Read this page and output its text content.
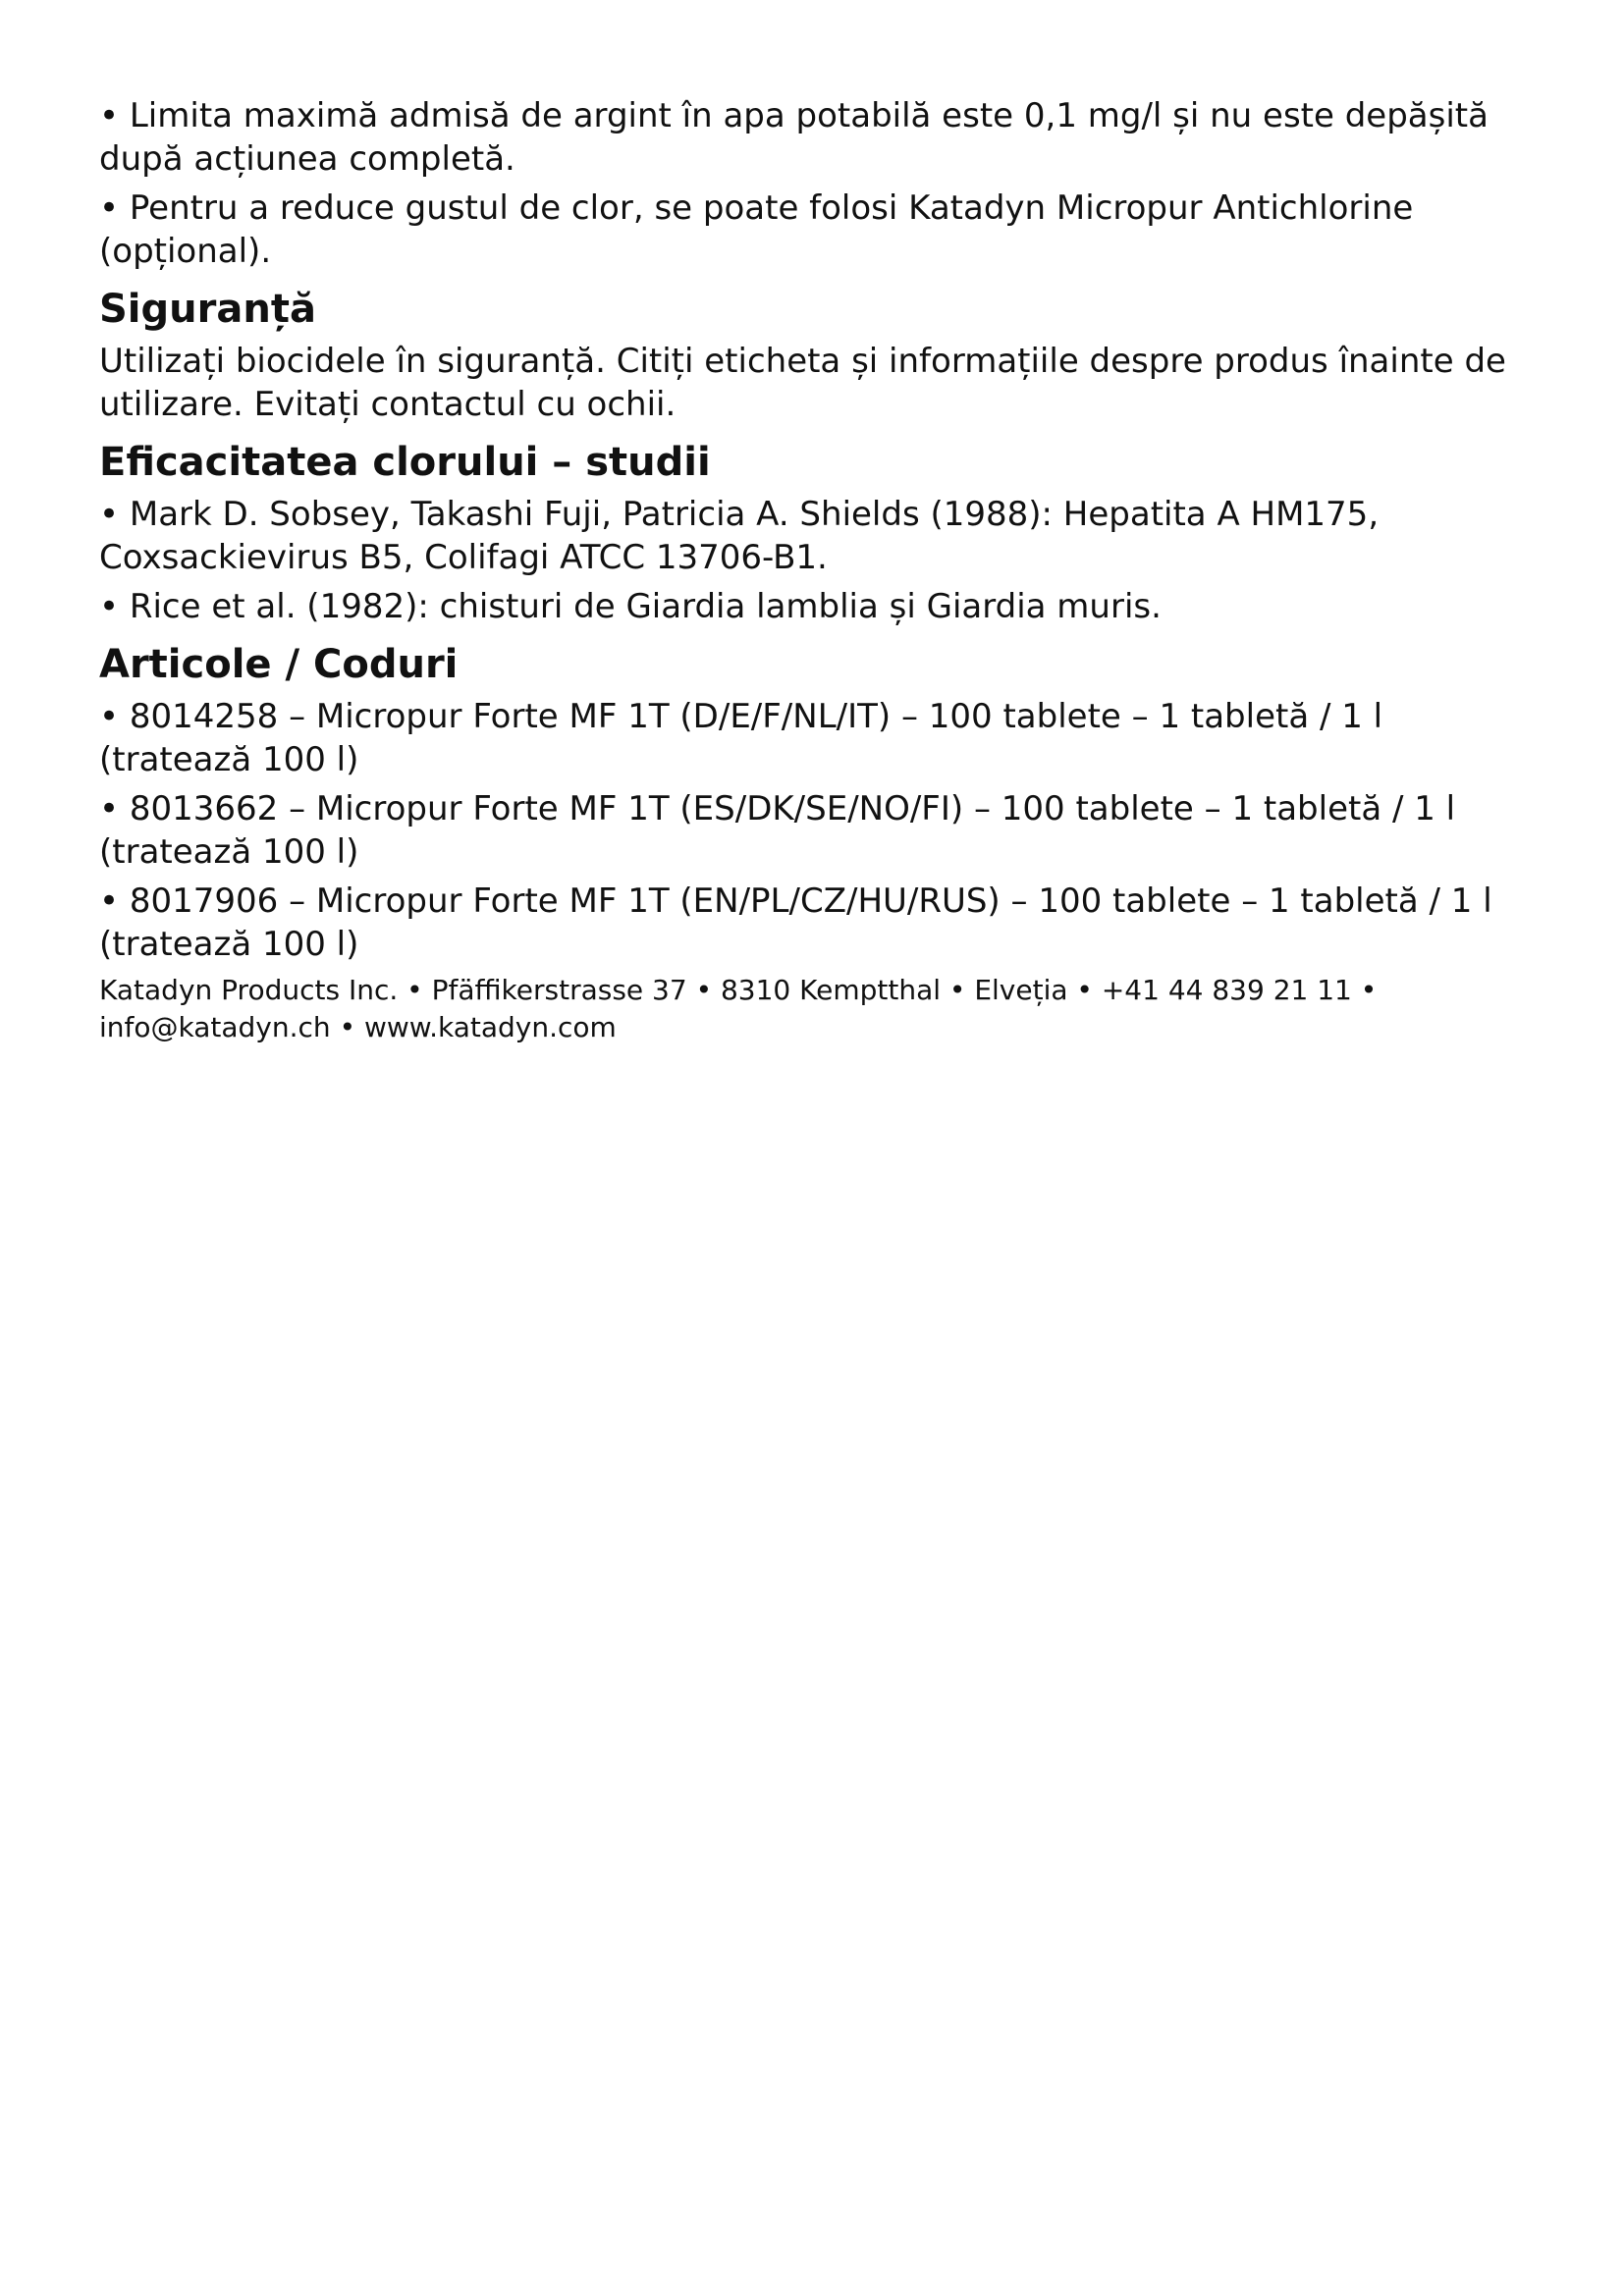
• Limita maximă admisă de argint în apa potabilă este 0,1 mg/l și nu este depășită după acțiunea completă.

• Pentru a reduce gustul de clor, se poate folosi Katadyn Micropur Antichlorine (opțional).

Siguranță

Utilizați biocidele în siguranță. Citiți eticheta și informațiile despre produs înainte de utilizare. Evitați contactul cu ochii.

Eficacitatea clorului – studii

• Mark D. Sobsey, Takashi Fuji, Patricia A. Shields (1988): Hepatita A HM175, Coxsackievirus B5, Colifagi ATCC 13706-B1.

• Rice et al. (1982): chisturi de Giardia lamblia și Giardia muris.

Articole / Coduri

• 8014258 – Micropur Forte MF 1T (D/E/F/NL/IT) – 100 tablete – 1 tabletă / 1 l (tratează 100 l)

• 8013662 – Micropur Forte MF 1T (ES/DK/SE/NO/FI) – 100 tablete – 1 tabletă / 1 l (tratează 100 l)

• 8017906 – Micropur Forte MF 1T (EN/PL/CZ/HU/RUS) – 100 tablete – 1 tabletă / 1 l (tratează 100 l)

Katadyn Products Inc. • Pfäffikerstrasse 37 • 8310 Kemptthal • Elveția • +41 44 839 21 11 • info@katadyn.ch • www.katadyn.com
